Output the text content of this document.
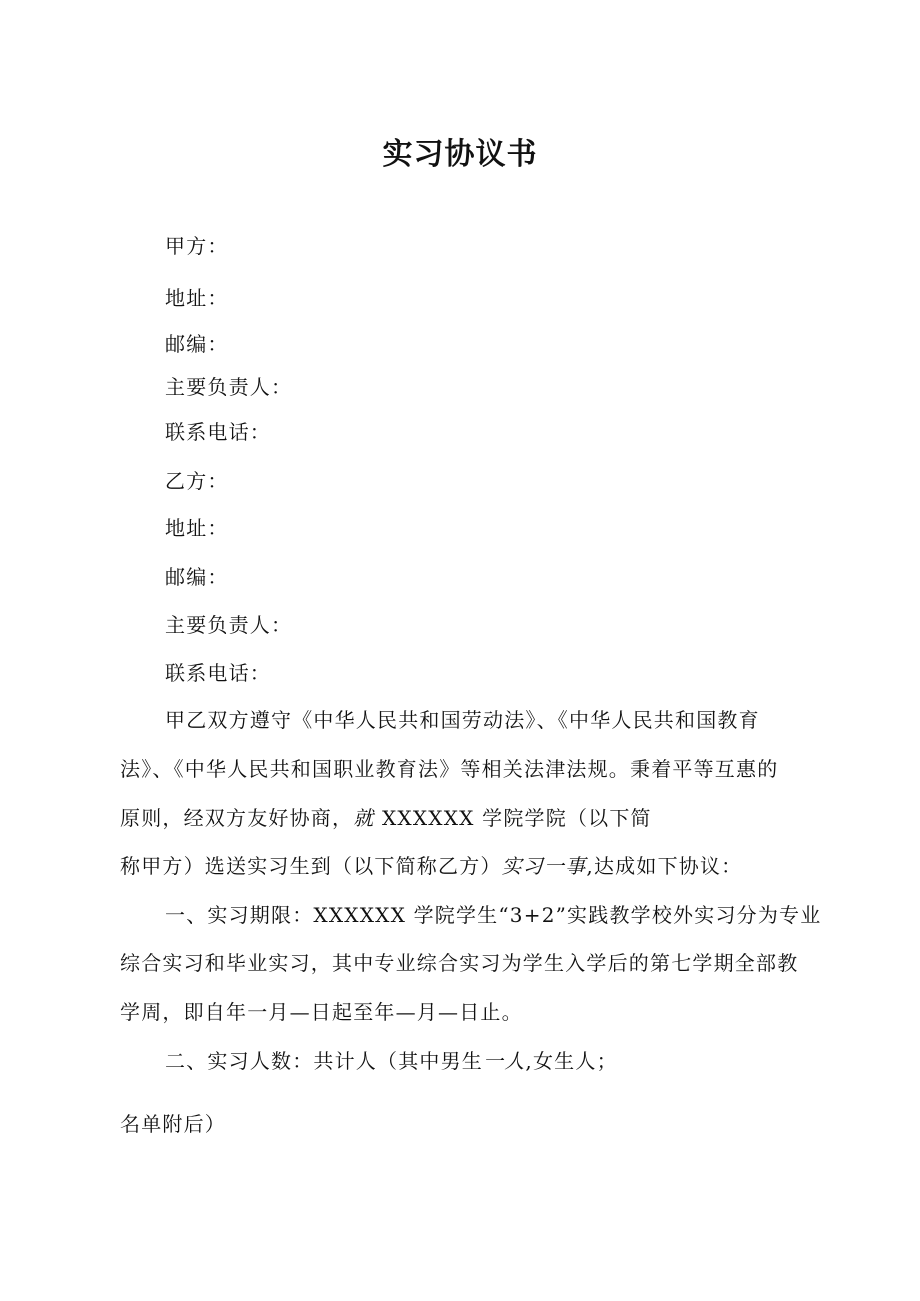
实习协议书
甲方：
地址：
邮编：
主要负责人：
联系电话：
乙方：
地址：
邮编：
主要负责人：
联系电话：
甲乙双方遵守《中华人民共和国劳动法》、《中华人民共和国教育
法》、《中华人民共和国职业教育法》等相关法津法规。秉着平等互惠的
原则，经双方友好协商，就 XXXXXX 学院学院（以下简
称甲方）选送实习生到（以下简称乙方）实习一事,达成如下协议：
一、实习期限：XXXXXX 学院学生“3+2”实践教学校外实习分为专业
综合实习和毕业实习，其中专业综合实习为学生入学后的第七学期全部教
学周，即自年一月—日起至年—月—日止。
二、实习人数：共计人（其中男生一人,女生人；
名单附后）
